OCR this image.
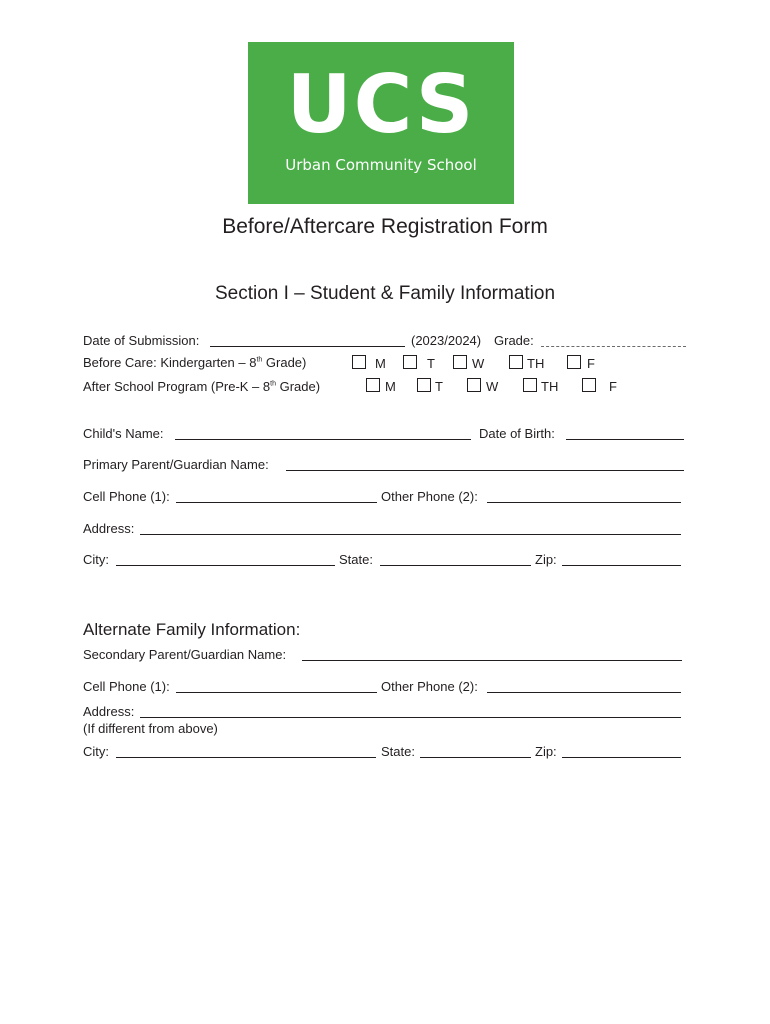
UCS
Urban Community School
Before/Aftercare Registration Form
Section I – Student & Family Information
Date of Submission:	(2023/2024) Grade:
Before Care: Kindergarten – 8th Grade)	M	T	W	TH	F
After School Program (Pre-K – 8th Grade)	M	T	W	TH	F
Child's Name:	Date of Birth:
Primary Parent/Guardian Name:
Cell Phone (1):	Other Phone (2):
Address:
City:	State:	Zip:
Alternate Family Information:
Secondary Parent/Guardian Name:
Cell Phone (1):	Other Phone (2):
Address:
(If different from above)
City:	State:	Zip:
